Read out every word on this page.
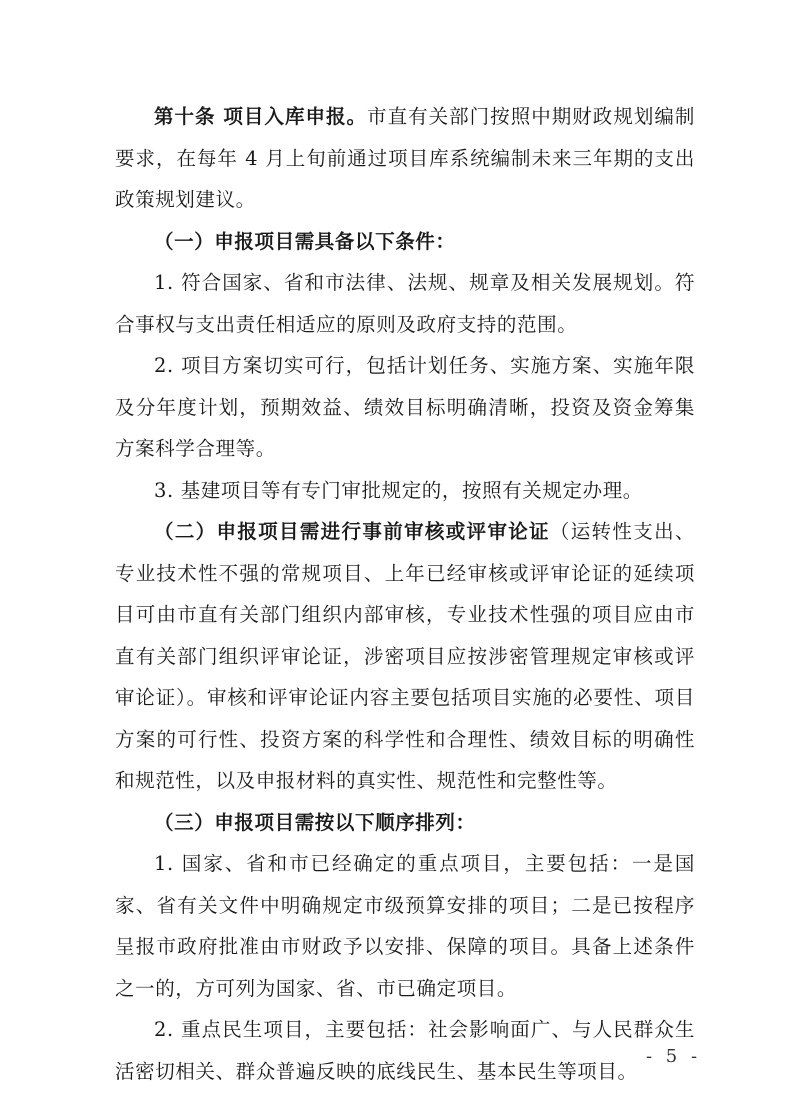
第十条 项目入库申报。市直有关部门按照中期财政规划编制要求，在每年 4 月上旬前通过项目库系统编制未来三年期的支出政策规划建议。

（一）申报项目需具备以下条件：

1. 符合国家、省和市法律、法规、规章及相关发展规划。符合事权与支出责任相适应的原则及政府支持的范围。

2. 项目方案切实可行，包括计划任务、实施方案、实施年限及分年度计划，预期效益、绩效目标明确清晰，投资及资金筹集方案科学合理等。

3. 基建项目等有专门审批规定的，按照有关规定办理。

（二）申报项目需进行事前审核或评审论证（运转性支出、专业技术性不强的常规项目、上年已经审核或评审论证的延续项目可由市直有关部门组织内部审核，专业技术性强的项目应由市直有关部门组织评审论证，涉密项目应按涉密管理规定审核或评审论证）。审核和评审论证内容主要包括项目实施的必要性、项目方案的可行性、投资方案的科学性和合理性、绩效目标的明确性和规范性，以及申报材料的真实性、规范性和完整性等。

（三）申报项目需按以下顺序排列：

1. 国家、省和市已经确定的重点项目，主要包括：一是国家、省有关文件中明确规定市级预算安排的项目；二是已按程序呈报市政府批准由市财政予以安排、保障的项目。具备上述条件之一的，方可列为国家、省、市已确定项目。

2. 重点民生项目，主要包括：社会影响面广、与人民群众生活密切相关、群众普遍反映的底线民生、基本民生等项目。

- 5 -
